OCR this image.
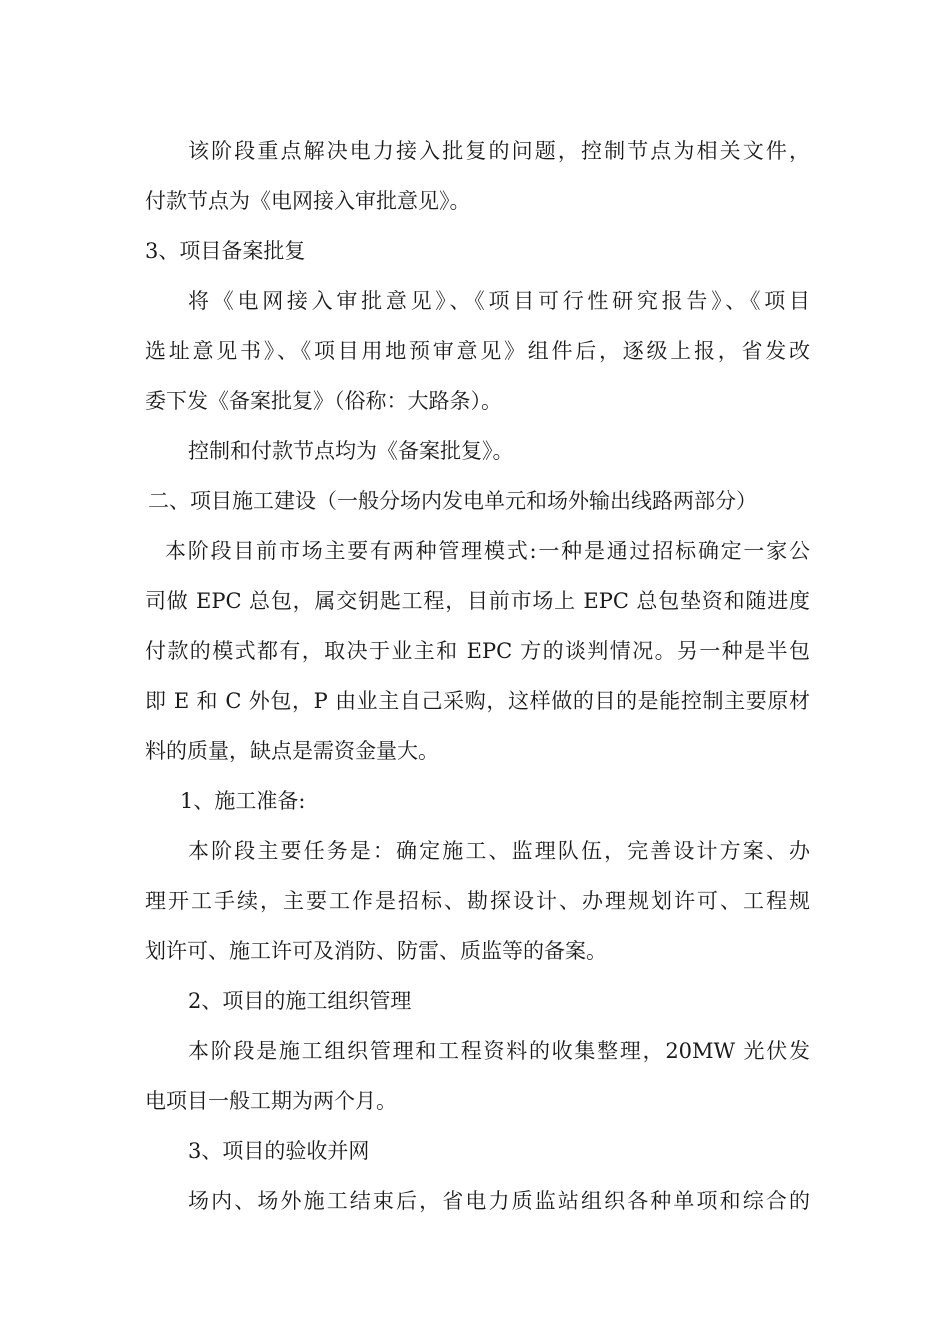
该阶段重点解决电力接入批复的问题，控制节点为相关文件，
付款节点为《电网接入审批意见》。
3、项目备案批复
将《电网接入审批意见》、《项目可行性研究报告》、《项目
选址意见书》、《项目用地预审意见》组件后，逐级上报，省发改
委下发《备案批复》（俗称：大路条）。
控制和付款节点均为《备案批复》。
二、项目施工建设（一般分场内发电单元和场外输出线路两部分）
本阶段目前市场主要有两种管理模式:一种是通过招标确定一家公
司做 EPC 总包，属交钥匙工程，目前市场上 EPC 总包垫资和随进度
付款的模式都有，取决于业主和 EPC 方的谈判情况。另一种是半包
即 E 和 C 外包，P 由业主自己采购，这样做的目的是能控制主要原材
料的质量，缺点是需资金量大。
1、施工准备:
本阶段主要任务是：确定施工、监理队伍，完善设计方案、办
理开工手续，主要工作是招标、勘探设计、办理规划许可、工程规
划许可、施工许可及消防、防雷、质监等的备案。
2、项目的施工组织管理
本阶段是施工组织管理和工程资料的收集整理，20MW 光伏发
电项目一般工期为两个月。
3、项目的验收并网
场内、场外施工结束后，省电力质监站组织各种单项和综合的
